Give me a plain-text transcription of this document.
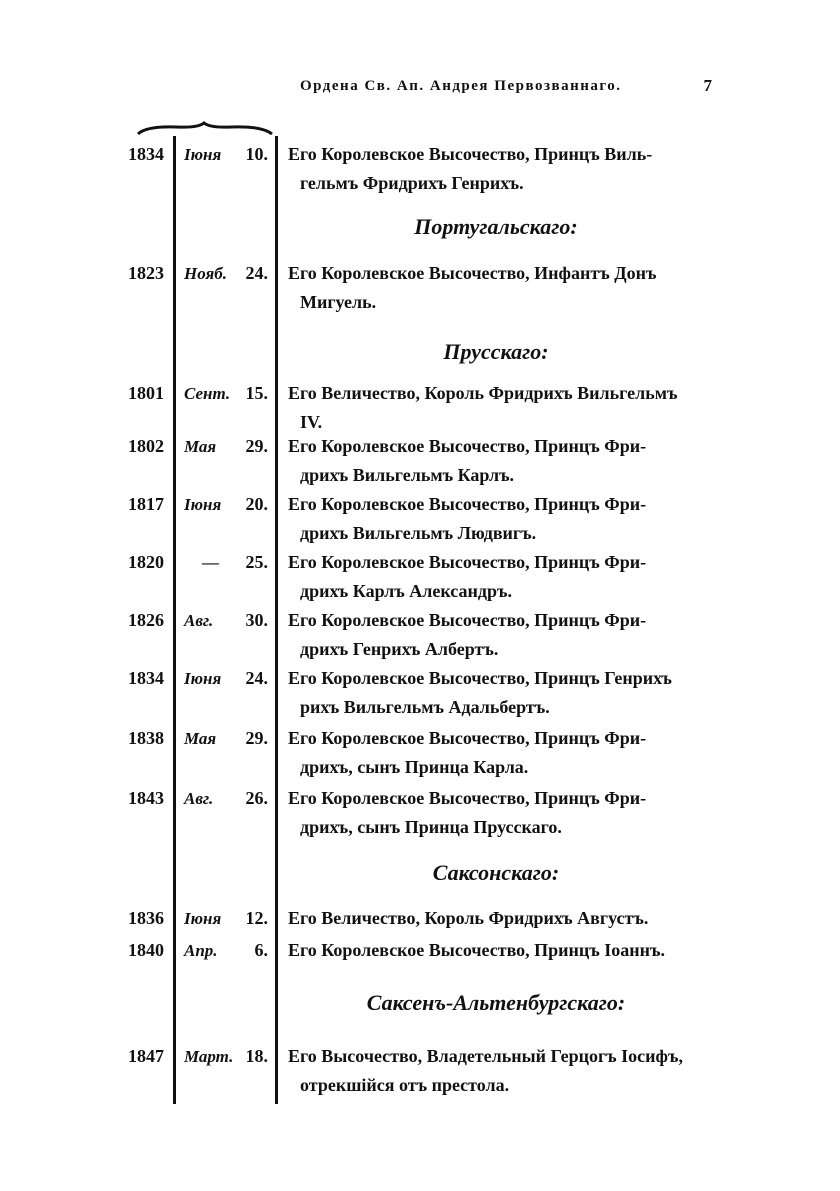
Ордена Св. Ап. Андрея Первозваннаго.	7
1834	Іюня 10. Его Королевское Высочество, Принцъ Виль-
гельмъ Фридрихъ Генрихъ.
Португальскаго:
1823	Нояб. 24. Его Королевское Высочество, Инфантъ Донъ
Мигуель.
Прусскаго:
1801	Сент. 15. Его Величество, Король Фридрихъ Вильгельмъ
IV.
1802	Мая 29. Его Королевское Высочество, Принцъ Фри-
дрихъ Вильгельмъ Карлъ.
1817	Іюня 20. Его Королевское Высочество, Принцъ Фри-
дрихъ Вильгельмъ Людвигъ.
1820	— 25. Его Королевское Высочество, Принцъ Фри-
дрихъ Карлъ Александръ.
1826	Авг. 30. Его Королевское Высочество, Принцъ Фри-
дрихъ Генрихъ Албертъ.
1834	Іюня 24. Его Королевское Высочество, Принцъ Генрихъ
рихъ Вильгельмъ Адальбертъ.
1838	Мая 29. Его Королевское Высочество, Принцъ Фри-
дрихъ, сынъ Принца Карла.
1843	Авг. 26. Его Королевское Высочество, Принцъ Фри-
дрихъ, сынъ Принца Прусскаго.
Саксонскаго:
1836	Іюня 12. Его Величество, Король Фридрихъ Августъ.
1840	Апр. 6. Его Королевское Высочество, Принцъ Іоаннъ.
Саксенъ-Альтенбургскаго:
1847	Март. 18. Его Высочество, Владетельный Герцогъ Іосифъ,
отрекшійся отъ престола.
